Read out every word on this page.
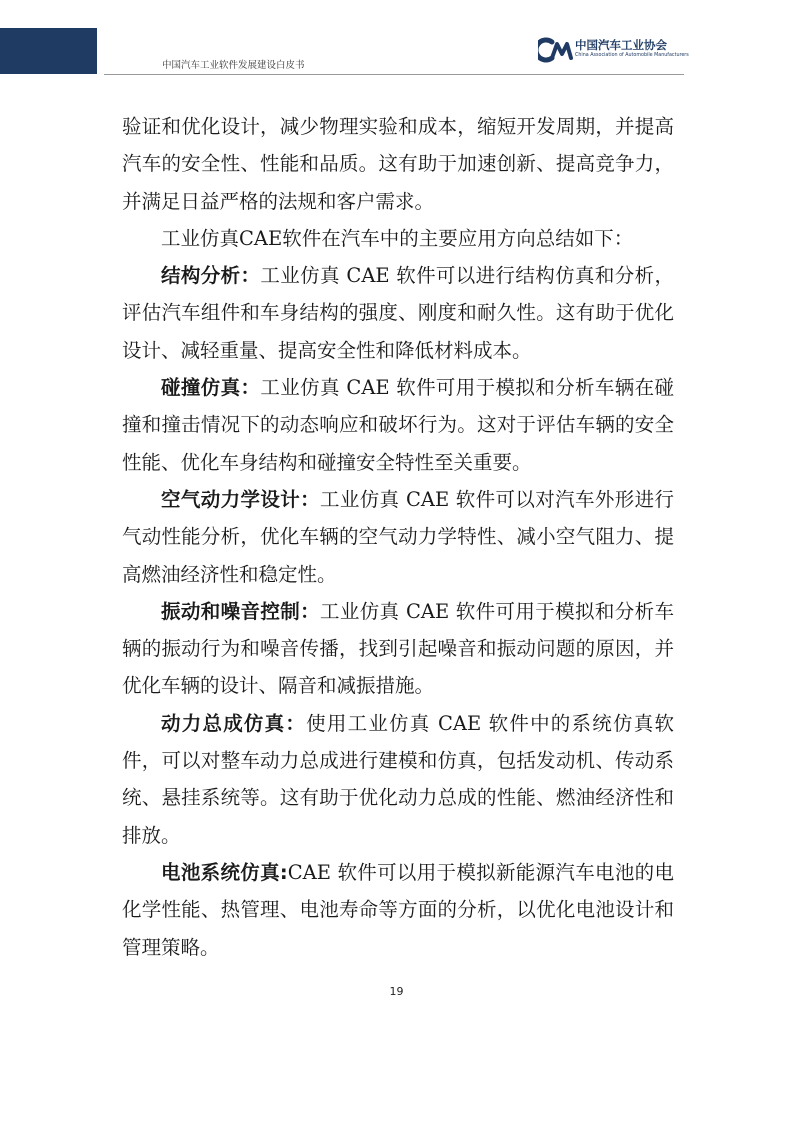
中国汽车工业软件发展建设白皮书
中国汽车工业协会
China Association of Automobile Manufacturers

验证和优化设计，减少物理实验和成本，缩短开发周期，并提高汽车的安全性、性能和品质。这有助于加速创新、提高竞争力，并满足日益严格的法规和客户需求。

工业仿真CAE软件在汽车中的主要应用方向总结如下：

结构分析：工业仿真 CAE 软件可以进行结构仿真和分析，评估汽车组件和车身结构的强度、刚度和耐久性。这有助于优化设计、减轻重量、提高安全性和降低材料成本。

碰撞仿真：工业仿真 CAE 软件可用于模拟和分析车辆在碰撞和撞击情况下的动态响应和破坏行为。这对于评估车辆的安全性能、优化车身结构和碰撞安全特性至关重要。

空气动力学设计：工业仿真 CAE 软件可以对汽车外形进行气动性能分析，优化车辆的空气动力学特性、减小空气阻力、提高燃油经济性和稳定性。

振动和噪音控制：工业仿真 CAE 软件可用于模拟和分析车辆的振动行为和噪音传播，找到引起噪音和振动问题的原因，并优化车辆的设计、隔音和减振措施。

动力总成仿真：使用工业仿真 CAE 软件中的系统仿真软件，可以对整车动力总成进行建模和仿真，包括发动机、传动系统、悬挂系统等。这有助于优化动力总成的性能、燃油经济性和排放。

电池系统仿真:CAE 软件可以用于模拟新能源汽车电池的电化学性能、热管理、电池寿命等方面的分析，以优化电池设计和管理策略。

19
